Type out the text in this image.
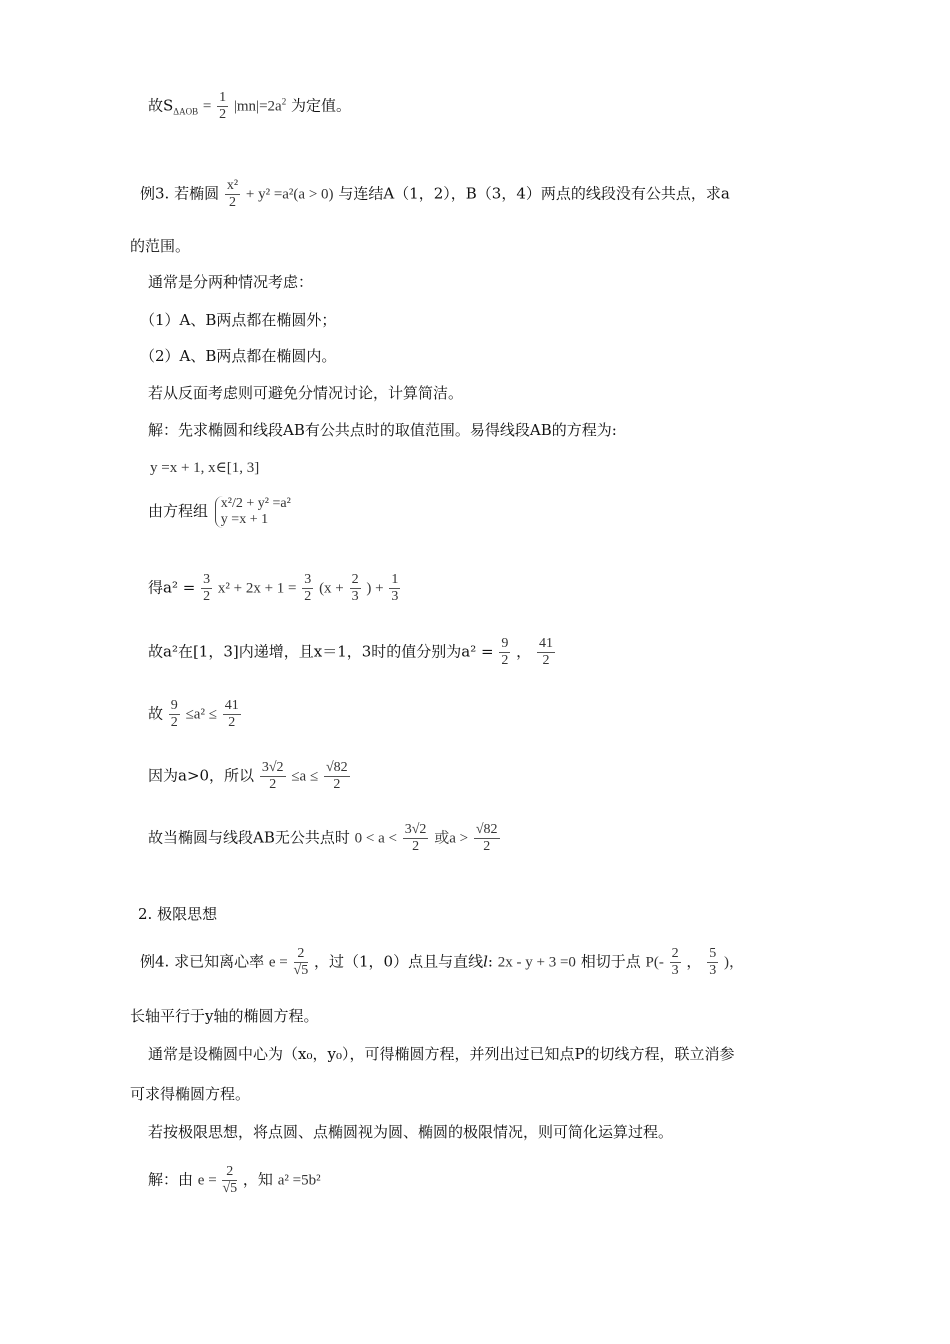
故$S_{\Delta AOB} = \frac{1}{2} |mn|=2a^2$ 为定值。
例3. 若椭圆 $\frac{\text{x²}}{2} + y^2 =a^2(a > 0)$ 与连结A（1，2），B（3，4）两点的线段没有公共点，求a
的范围。
通常是分两种情况考虑：
（1）A、B两点都在椭圆外；
（2）A、B两点都在椭圆内。
若从反面考虑则可避免分情况讨论，计算简洁。
解：先求椭圆和线段AB有公共点时的取值范围。易得线段AB的方程为:
y =x + 1, x∈[1, 3]
由方程组 x²/2 + y² =a²
y =x + 1
得$a^2 = \frac{3}{2} x^2 + 2x + 1 = \frac{3}{2} (x + \frac{2}{3}$ ) + $\frac{1}{3}$
故a²在[1，3]内递增，且x＝1，3时的值分别为$a^2 = \frac{9}{2}$ ， $\frac{41}{2}$
故 $\frac{9}{2} \le a^2 \le \frac{41}{2}$
因为a>0，所以 $\frac{3√2}{2} \le a \le \frac{√82}{2}$
故当椭圆与线段AB无公共点时 $0 < a < \frac{3√2}{2}$ 或$a > \frac{√82}{2}$
2. 极限思想
例4. 求已知离心率 $e = \frac{2}{√5}$ ，过（1，0）点且与直线l: 2x - y + 3 =0 相切于点 $P(- \frac{2}{3}$ ， $\frac{5}{3}$ )，
长轴平行于y轴的椭圆方程。
通常是设椭圆中心为（x₀，y₀），可得椭圆方程，并列出过已知点P的切线方程，联立消参
可求得椭圆方程。
若按极限思想，将点圆、点椭圆视为圆、椭圆的极限情况，则可简化运算过程。
解：由 $e = \frac{2}{√5}$ ，知 a² =5b²
